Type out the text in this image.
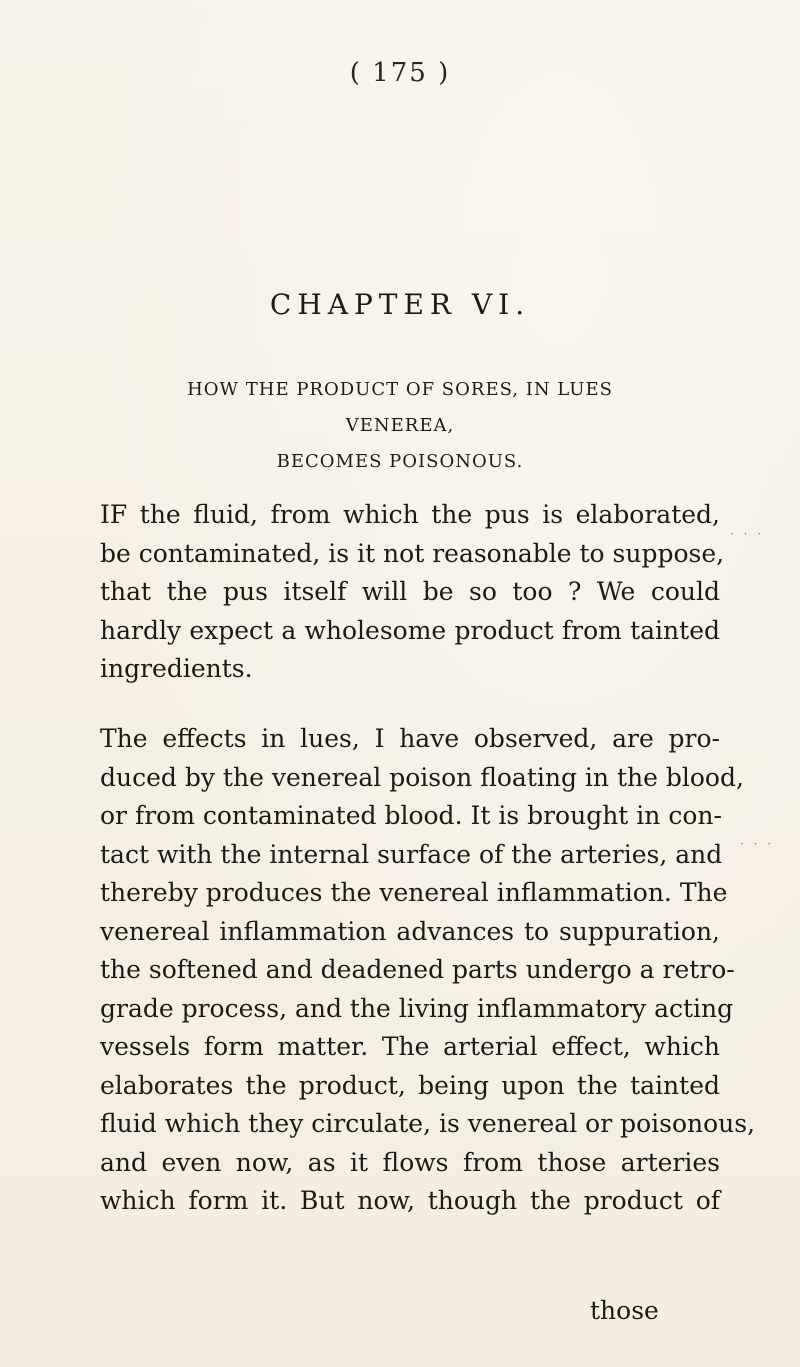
( 175 )
CHAPTER VI.
HOW THE PRODUCT OF SORES, IN LUES VENEREA,
BECOMES POISONOUS.
IF the fluid, from which the pus is elaborated,
be contaminated, is it not reasonable to suppose,
that the pus itself will be so too ? We could
hardly expect a wholesome product from tainted
ingredients.
The effects in lues, I have observed, are pro-
duced by the venereal poison floating in the blood,
or from contaminated blood. It is brought in con-
tact with the internal surface of the arteries, and
thereby produces the venereal inflammation. The
venereal inflammation advances to suppuration,
the softened and deadened parts undergo a retro-
grade process, and the living inflammatory acting
vessels form matter. The arterial effect, which
elaborates the product, being upon the tainted
fluid which they circulate, is venereal or poisonous,
and even now, as it flows from those arteries
which form it. But now, though the product of
those
· · ·
· · ·
